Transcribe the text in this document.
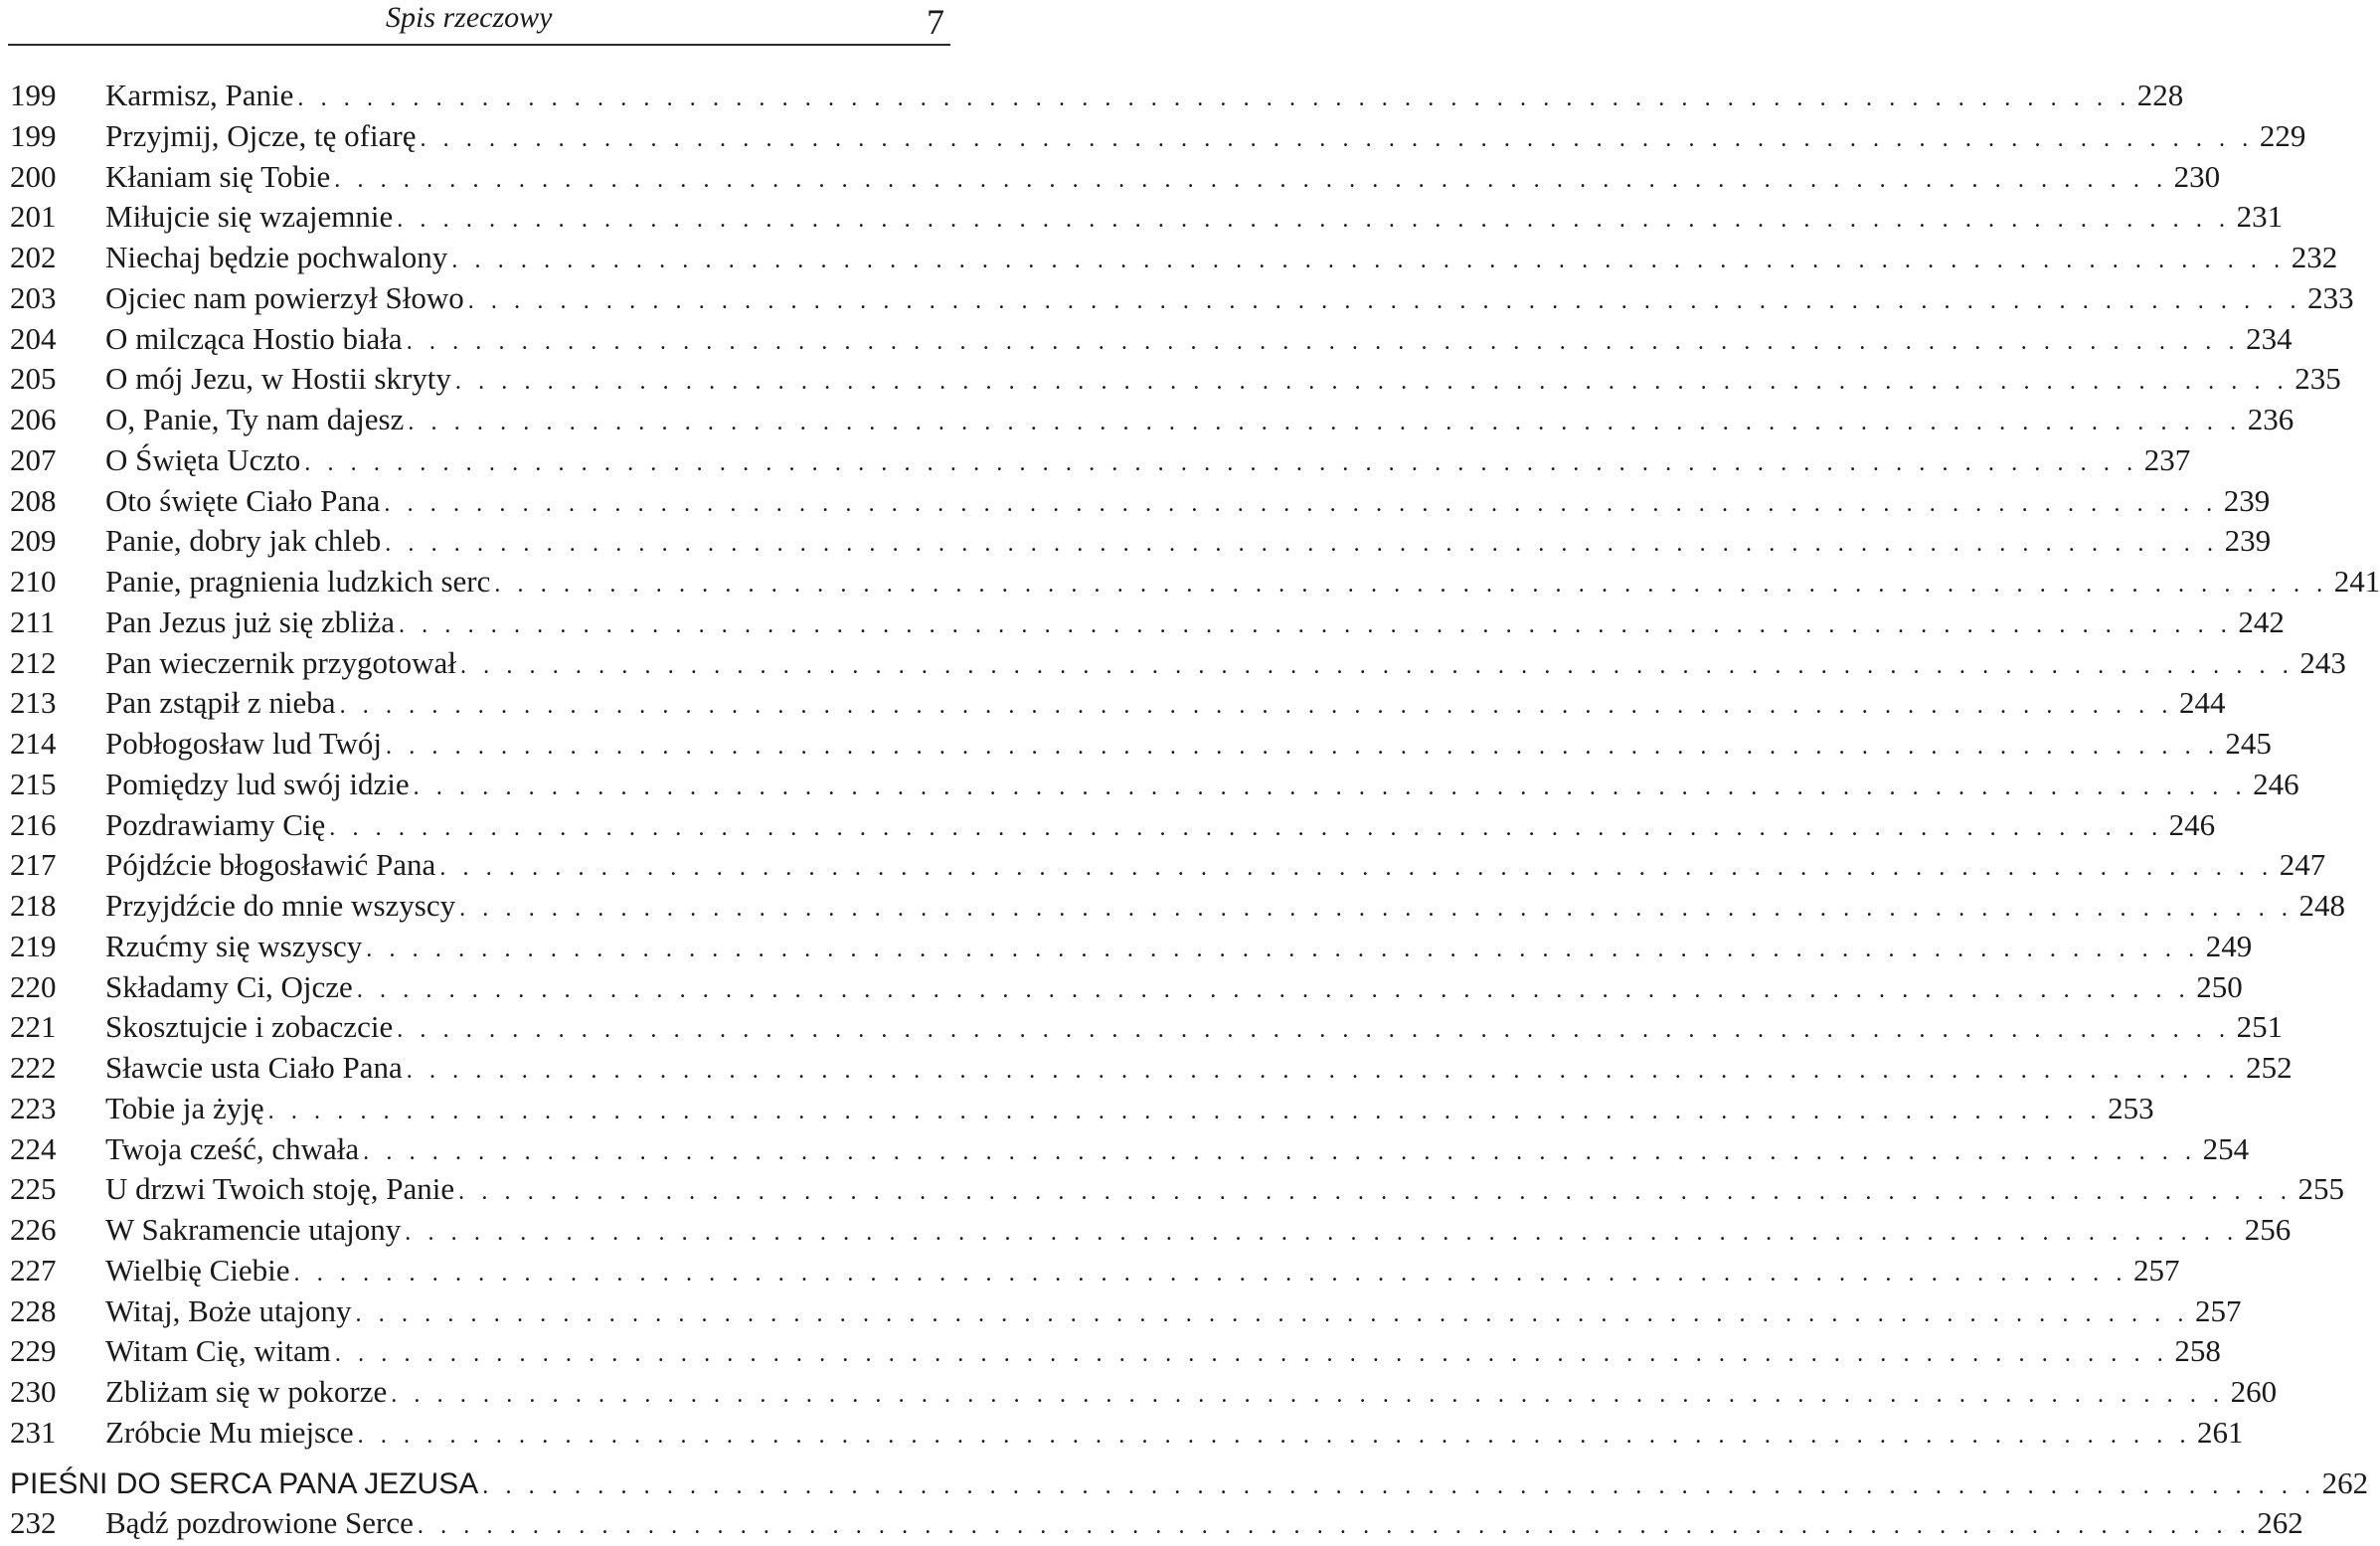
Spis rzeczowy	7
199	Karmisz, Panie . . . . . . . . . . . . . . . . . . . . . . . . . . . . . . . . . . . . . . . . . . . . . . . . . . . . . . . . . . . . . . . . . . . . . . . . . . . . . . . . 228
199	Przyjmij, Ojcze, tę ofiarę . . . . . . . . . . . . . . . . . . . . . . . . . . . . . . . . . . . . . . . . . . . . . . . . . . . . . . . . . . . . . . . . . . . . . . . . . . . . . . . . 229
200	Kłaniam się Tobie . . . . . . . . . . . . . . . . . . . . . . . . . . . . . . . . . . . . . . . . . . . . . . . . . . . . . . . . . . . . . . . . . . . . . . . . . . . . . . . . 230
201	Miłujcie się wzajemnie . . . . . . . . . . . . . . . . . . . . . . . . . . . . . . . . . . . . . . . . . . . . . . . . . . . . . . . . . . . . . . . . . . . . . . . . . . . . . . . . 231
202	Niechaj będzie pochwalony . . . . . . . . . . . . . . . . . . . . . . . . . . . . . . . . . . . . . . . . . . . . . . . . . . . . . . . . . . . . . . . . . . . . . . . . . . . . . . . . 232
203	Ojciec nam powierzył Słowo . . . . . . . . . . . . . . . . . . . . . . . . . . . . . . . . . . . . . . . . . . . . . . . . . . . . . . . . . . . . . . . . . . . . . . . . . . . . . . . . 233
204	O milcząca Hostio biała . . . . . . . . . . . . . . . . . . . . . . . . . . . . . . . . . . . . . . . . . . . . . . . . . . . . . . . . . . . . . . . . . . . . . . . . . . . . . . . . 234
205	O mój Jezu, w Hostii skryty . . . . . . . . . . . . . . . . . . . . . . . . . . . . . . . . . . . . . . . . . . . . . . . . . . . . . . . . . . . . . . . . . . . . . . . . . . . . . . . . 235
206	O, Panie, Ty nam dajesz . . . . . . . . . . . . . . . . . . . . . . . . . . . . . . . . . . . . . . . . . . . . . . . . . . . . . . . . . . . . . . . . . . . . . . . . . . . . . . . . 236
207	O Święta Uczto . . . . . . . . . . . . . . . . . . . . . . . . . . . . . . . . . . . . . . . . . . . . . . . . . . . . . . . . . . . . . . . . . . . . . . . . . . . . . . . . 237
208	Oto święte Ciało Pana . . . . . . . . . . . . . . . . . . . . . . . . . . . . . . . . . . . . . . . . . . . . . . . . . . . . . . . . . . . . . . . . . . . . . . . . . . . . . . . . 239
209	Panie, dobry jak chleb . . . . . . . . . . . . . . . . . . . . . . . . . . . . . . . . . . . . . . . . . . . . . . . . . . . . . . . . . . . . . . . . . . . . . . . . . . . . . . . . 239
210	Panie, pragnienia ludzkich serc . . . . . . . . . . . . . . . . . . . . . . . . . . . . . . . . . . . . . . . . . . . . . . . . . . . . . . . . . . . . . . . . . . . . . . . . . . . . . . . . 241
211	Pan Jezus już się zbliża . . . . . . . . . . . . . . . . . . . . . . . . . . . . . . . . . . . . . . . . . . . . . . . . . . . . . . . . . . . . . . . . . . . . . . . . . . . . . . . . 242
212	Pan wieczernik przygotował . . . . . . . . . . . . . . . . . . . . . . . . . . . . . . . . . . . . . . . . . . . . . . . . . . . . . . . . . . . . . . . . . . . . . . . . . . . . . . . . 243
213	Pan zstąpił z nieba . . . . . . . . . . . . . . . . . . . . . . . . . . . . . . . . . . . . . . . . . . . . . . . . . . . . . . . . . . . . . . . . . . . . . . . . . . . . . . . . 244
214	Pobłogosław lud Twój . . . . . . . . . . . . . . . . . . . . . . . . . . . . . . . . . . . . . . . . . . . . . . . . . . . . . . . . . . . . . . . . . . . . . . . . . . . . . . . . 245
215	Pomiędzy lud swój idzie . . . . . . . . . . . . . . . . . . . . . . . . . . . . . . . . . . . . . . . . . . . . . . . . . . . . . . . . . . . . . . . . . . . . . . . . . . . . . . . . 246
216	Pozdrawiamy Cię . . . . . . . . . . . . . . . . . . . . . . . . . . . . . . . . . . . . . . . . . . . . . . . . . . . . . . . . . . . . . . . . . . . . . . . . . . . . . . . . 246
217	Pójdźcie błogosławić Pana . . . . . . . . . . . . . . . . . . . . . . . . . . . . . . . . . . . . . . . . . . . . . . . . . . . . . . . . . . . . . . . . . . . . . . . . . . . . . . . . 247
218	Przyjdźcie do mnie wszyscy . . . . . . . . . . . . . . . . . . . . . . . . . . . . . . . . . . . . . . . . . . . . . . . . . . . . . . . . . . . . . . . . . . . . . . . . . . . . . . . . 248
219	Rzućmy się wszyscy . . . . . . . . . . . . . . . . . . . . . . . . . . . . . . . . . . . . . . . . . . . . . . . . . . . . . . . . . . . . . . . . . . . . . . . . . . . . . . . . 249
220	Składamy Ci, Ojcze . . . . . . . . . . . . . . . . . . . . . . . . . . . . . . . . . . . . . . . . . . . . . . . . . . . . . . . . . . . . . . . . . . . . . . . . . . . . . . . . 250
221	Skosztujcie i zobaczcie . . . . . . . . . . . . . . . . . . . . . . . . . . . . . . . . . . . . . . . . . . . . . . . . . . . . . . . . . . . . . . . . . . . . . . . . . . . . . . . . 251
222	Sławcie usta Ciało Pana . . . . . . . . . . . . . . . . . . . . . . . . . . . . . . . . . . . . . . . . . . . . . . . . . . . . . . . . . . . . . . . . . . . . . . . . . . . . . . . . 252
223	Tobie ja żyję . . . . . . . . . . . . . . . . . . . . . . . . . . . . . . . . . . . . . . . . . . . . . . . . . . . . . . . . . . . . . . . . . . . . . . . . . . . . . . . . 253
224	Twoja cześć, chwała . . . . . . . . . . . . . . . . . . . . . . . . . . . . . . . . . . . . . . . . . . . . . . . . . . . . . . . . . . . . . . . . . . . . . . . . . . . . . . . . 254
225	U drzwi Twoich stoję, Panie . . . . . . . . . . . . . . . . . . . . . . . . . . . . . . . . . . . . . . . . . . . . . . . . . . . . . . . . . . . . . . . . . . . . . . . . . . . . . . . . 255
226	W Sakramencie utajony . . . . . . . . . . . . . . . . . . . . . . . . . . . . . . . . . . . . . . . . . . . . . . . . . . . . . . . . . . . . . . . . . . . . . . . . . . . . . . . . 256
227	Wielbię Ciebie . . . . . . . . . . . . . . . . . . . . . . . . . . . . . . . . . . . . . . . . . . . . . . . . . . . . . . . . . . . . . . . . . . . . . . . . . . . . . . . . 257
228	Witaj, Boże utajony . . . . . . . . . . . . . . . . . . . . . . . . . . . . . . . . . . . . . . . . . . . . . . . . . . . . . . . . . . . . . . . . . . . . . . . . . . . . . . . . 257
229	Witam Cię, witam . . . . . . . . . . . . . . . . . . . . . . . . . . . . . . . . . . . . . . . . . . . . . . . . . . . . . . . . . . . . . . . . . . . . . . . . . . . . . . . . 258
230	Zbliżam się w pokorze . . . . . . . . . . . . . . . . . . . . . . . . . . . . . . . . . . . . . . . . . . . . . . . . . . . . . . . . . . . . . . . . . . . . . . . . . . . . . . . . 260
231	Zróbcie Mu miejsce . . . . . . . . . . . . . . . . . . . . . . . . . . . . . . . . . . . . . . . . . . . . . . . . . . . . . . . . . . . . . . . . . . . . . . . . . . . . . . . . 261
PIEŚNI DO SERCA PANA JEZUSA . . . . . . . . . . . . . . . . . . . . . . . . . . . . . . . . . . . . . . . . . . . . . . . . . . . . . . . . . . . . . . . . . . . . . . . . . . . . . . . . 262
232	Bądź pozdrowione Serce . . . . . . . . . . . . . . . . . . . . . . . . . . . . . . . . . . . . . . . . . . . . . . . . . . . . . . . . . . . . . . . . . . . . . . . . . . . . . . . . 262
